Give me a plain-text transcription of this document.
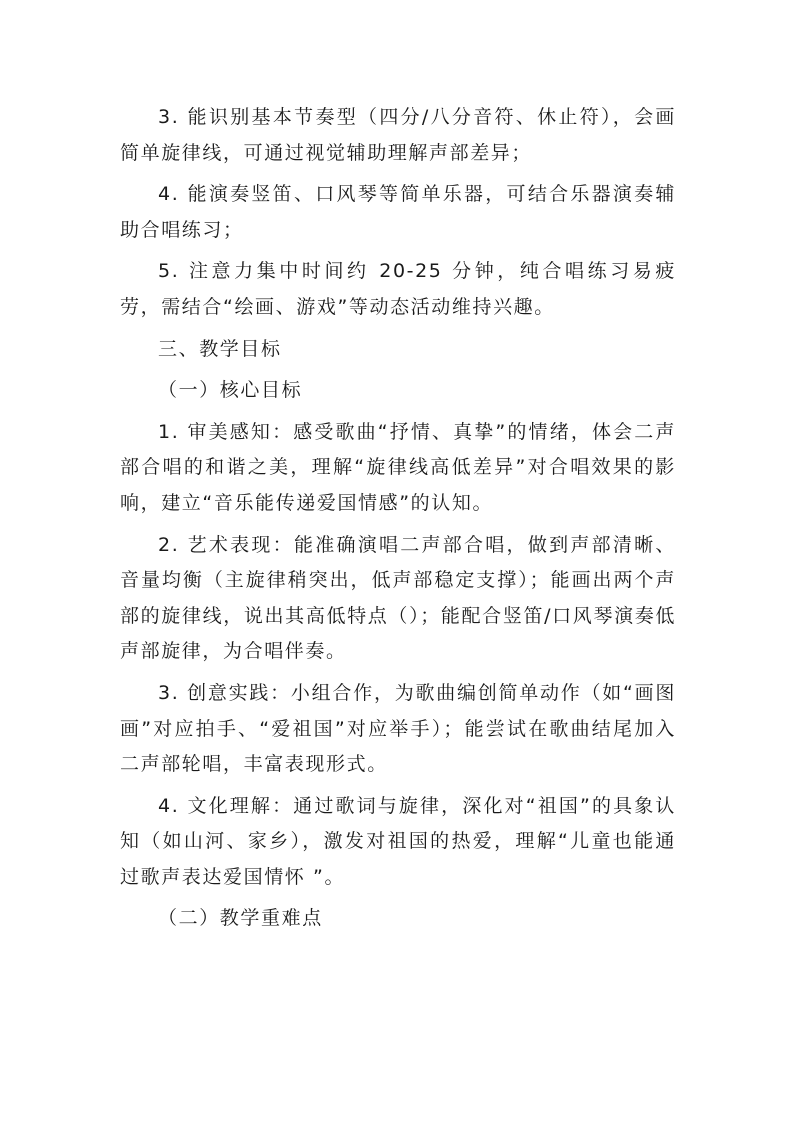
3. 能识别基本节奏型（四分/八分音符、休止符），会画简单旋律线，可通过视觉辅助理解声部差异；

4. 能演奏竖笛、口风琴等简单乐器，可结合乐器演奏辅助合唱练习；

5. 注意力集中时间约 20-25 分钟，纯合唱练习易疲劳，需结合“绘画、游戏”等动态活动维持兴趣。

三、教学目标

（一）核心目标

1. 审美感知：感受歌曲“抒情、真挚”的情绪，体会二声部合唱的和谐之美，理解“旋律线高低差异”对合唱效果的影响，建立“音乐能传递爱国情感”的认知。

2. 艺术表现：能准确演唱二声部合唱，做到声部清晰、音量均衡（主旋律稍突出，低声部稳定支撑）；能画出两个声部的旋律线，说出其高低特点（）；能配合竖笛/口风琴演奏低声部旋律，为合唱伴奏。

3. 创意实践：小组合作，为歌曲编创简单动作（如“画图画”对应拍手、“爱祖国”对应举手）；能尝试在歌曲结尾加入二声部轮唱，丰富表现形式。

4. 文化理解：通过歌词与旋律，深化对“祖国”的具象认知（如山河、家乡），激发对祖国的热爱，理解“儿童也能通过歌声表达爱国情怀 ”。

（二）教学重难点
